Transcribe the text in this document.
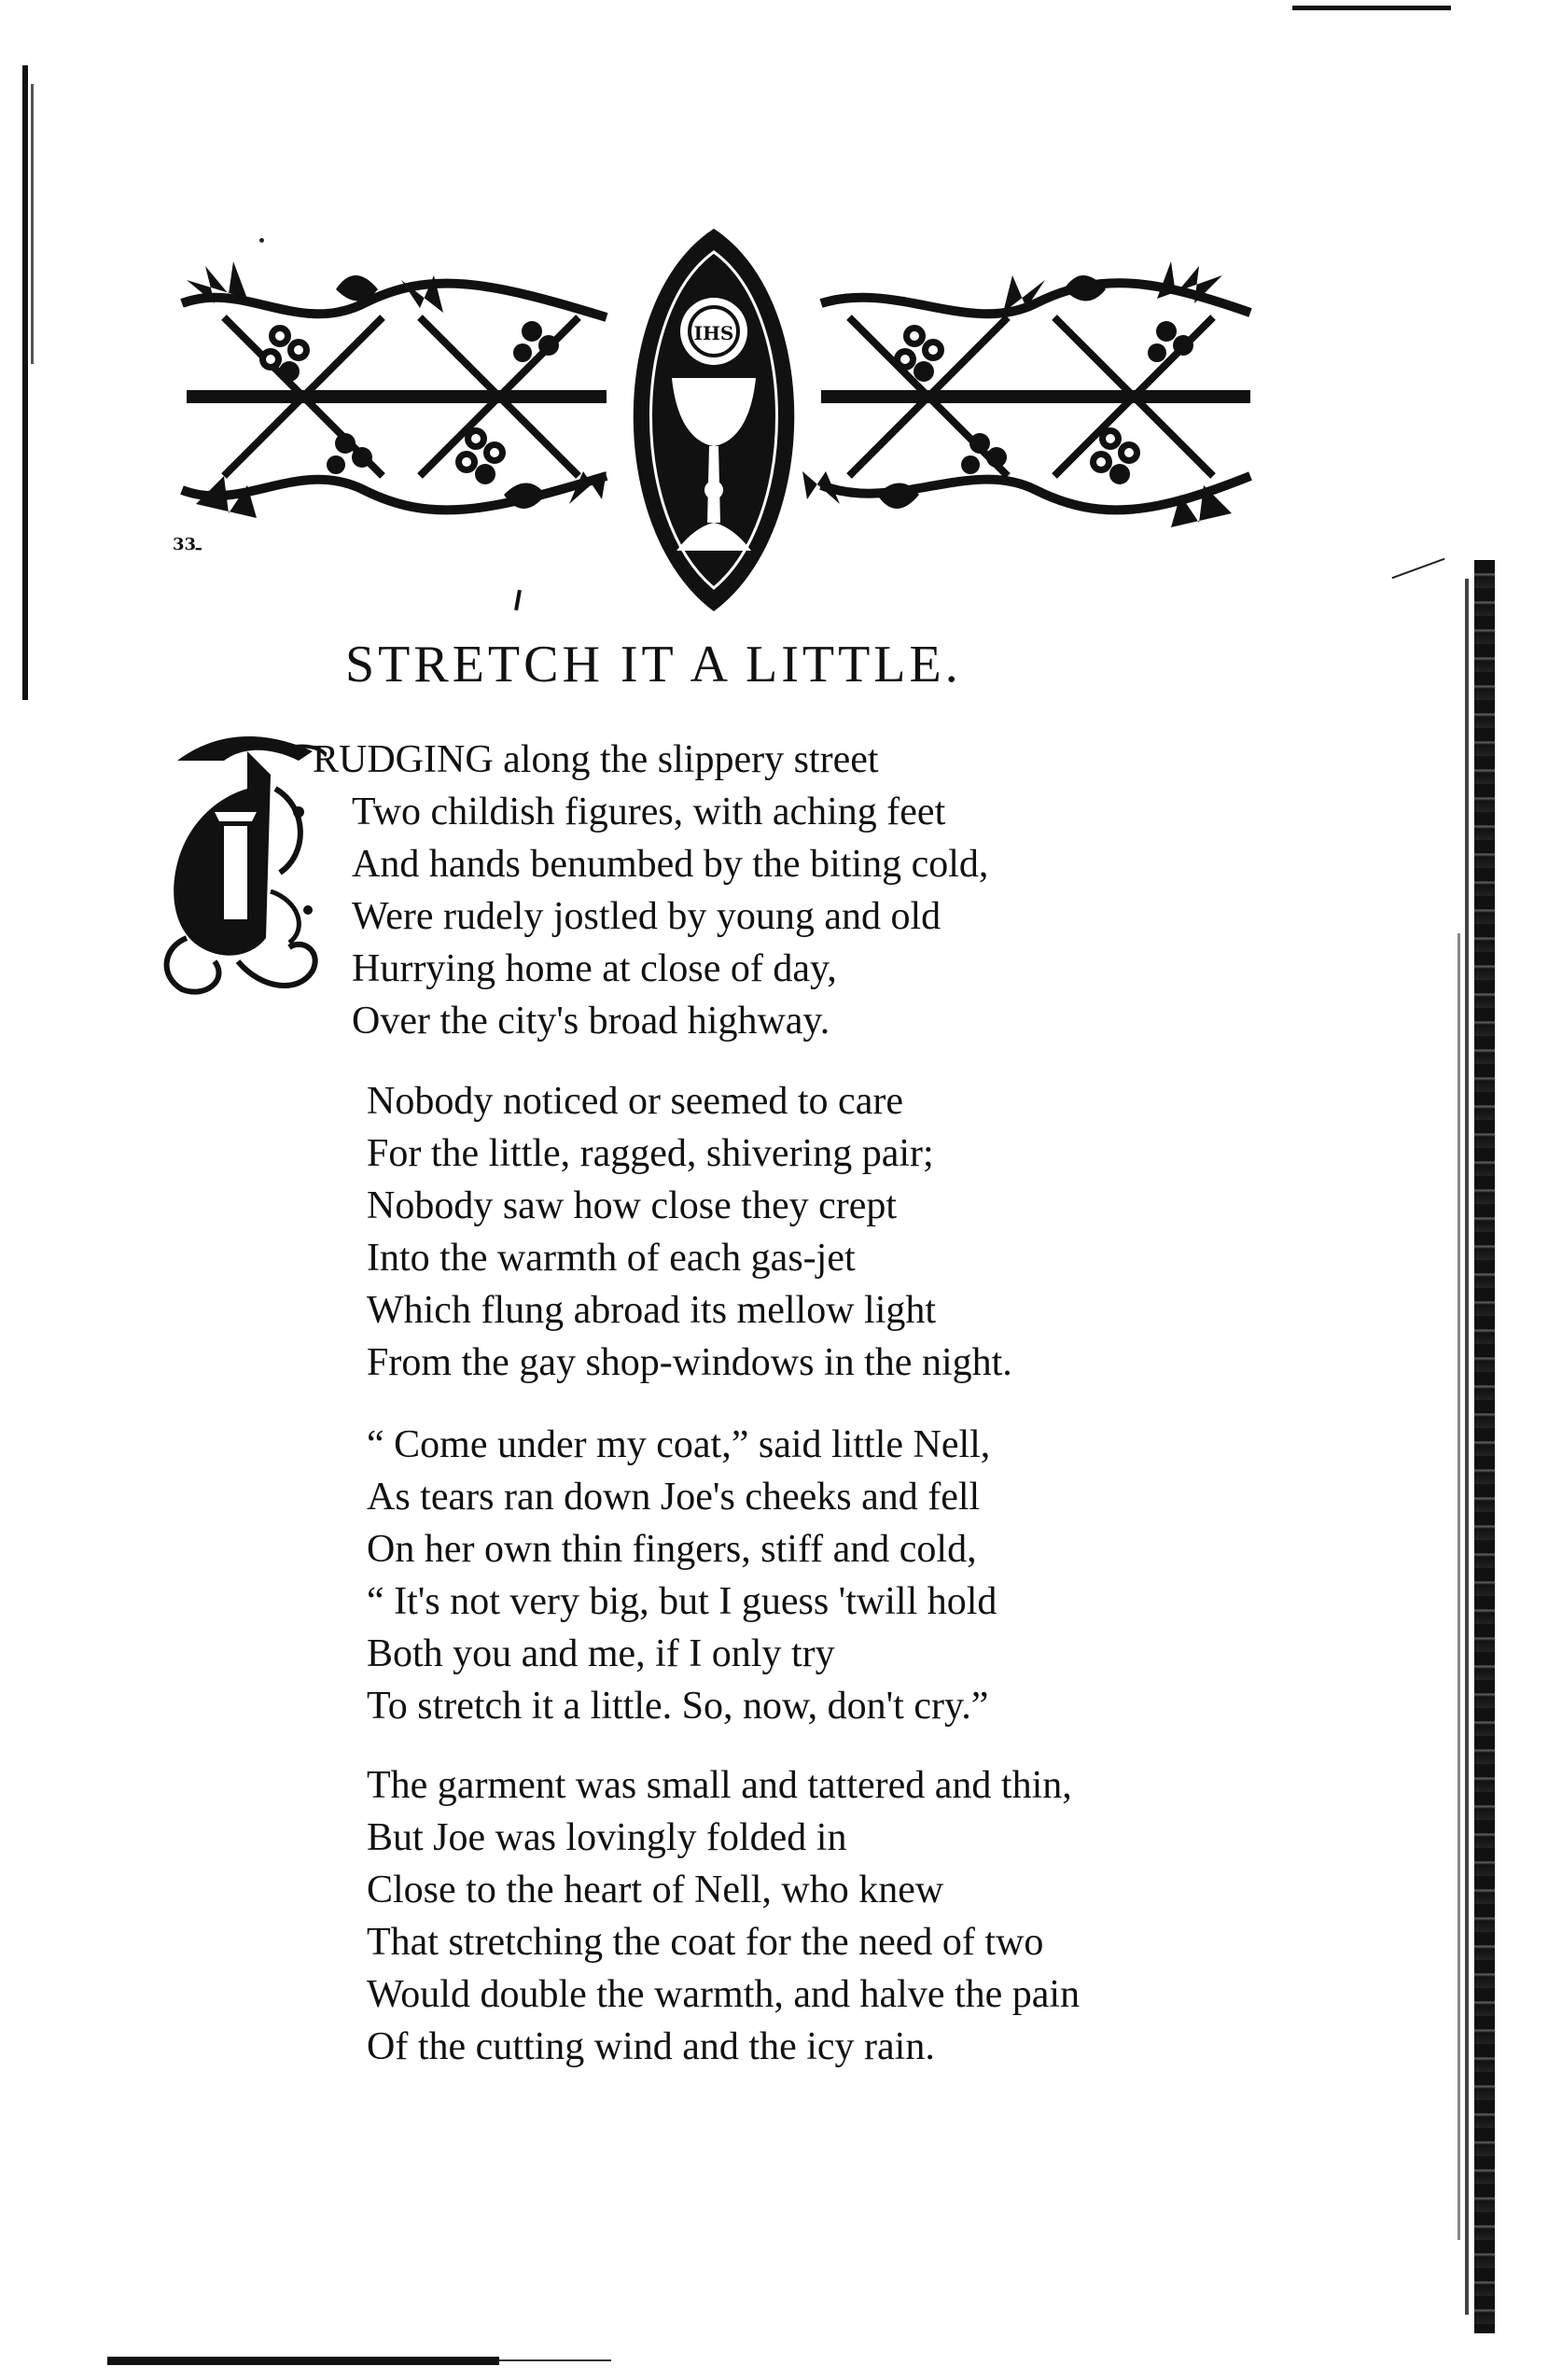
IHS
ـ33
STRETCH IT A LITTLE.
RUDGING along the slippery street
Two childish figures, with aching feet
And hands benumbed by the biting cold,
Were rudely jostled by young and old
Hurrying home at close of day,
Over the city's broad highway.
Nobody noticed or seemed to care
For the little, ragged, shivering pair;
Nobody saw how close they crept
Into the warmth of each gas-jet
Which flung abroad its mellow light
From the gay shop-windows in the night.
“ Come under my coat,” said little Nell,
As tears ran down Joe's cheeks and fell
On her own thin fingers, stiff and cold,
“ It's not very big, but I guess 'twill hold
Both you and me, if I only try
To stretch it a little. So, now, don't cry.”
The garment was small and tattered and thin,
But Joe was lovingly folded in
Close to the heart of Nell, who knew
That stretching the coat for the need of two
Would double the warmth, and halve the pain
Of the cutting wind and the icy rain.
